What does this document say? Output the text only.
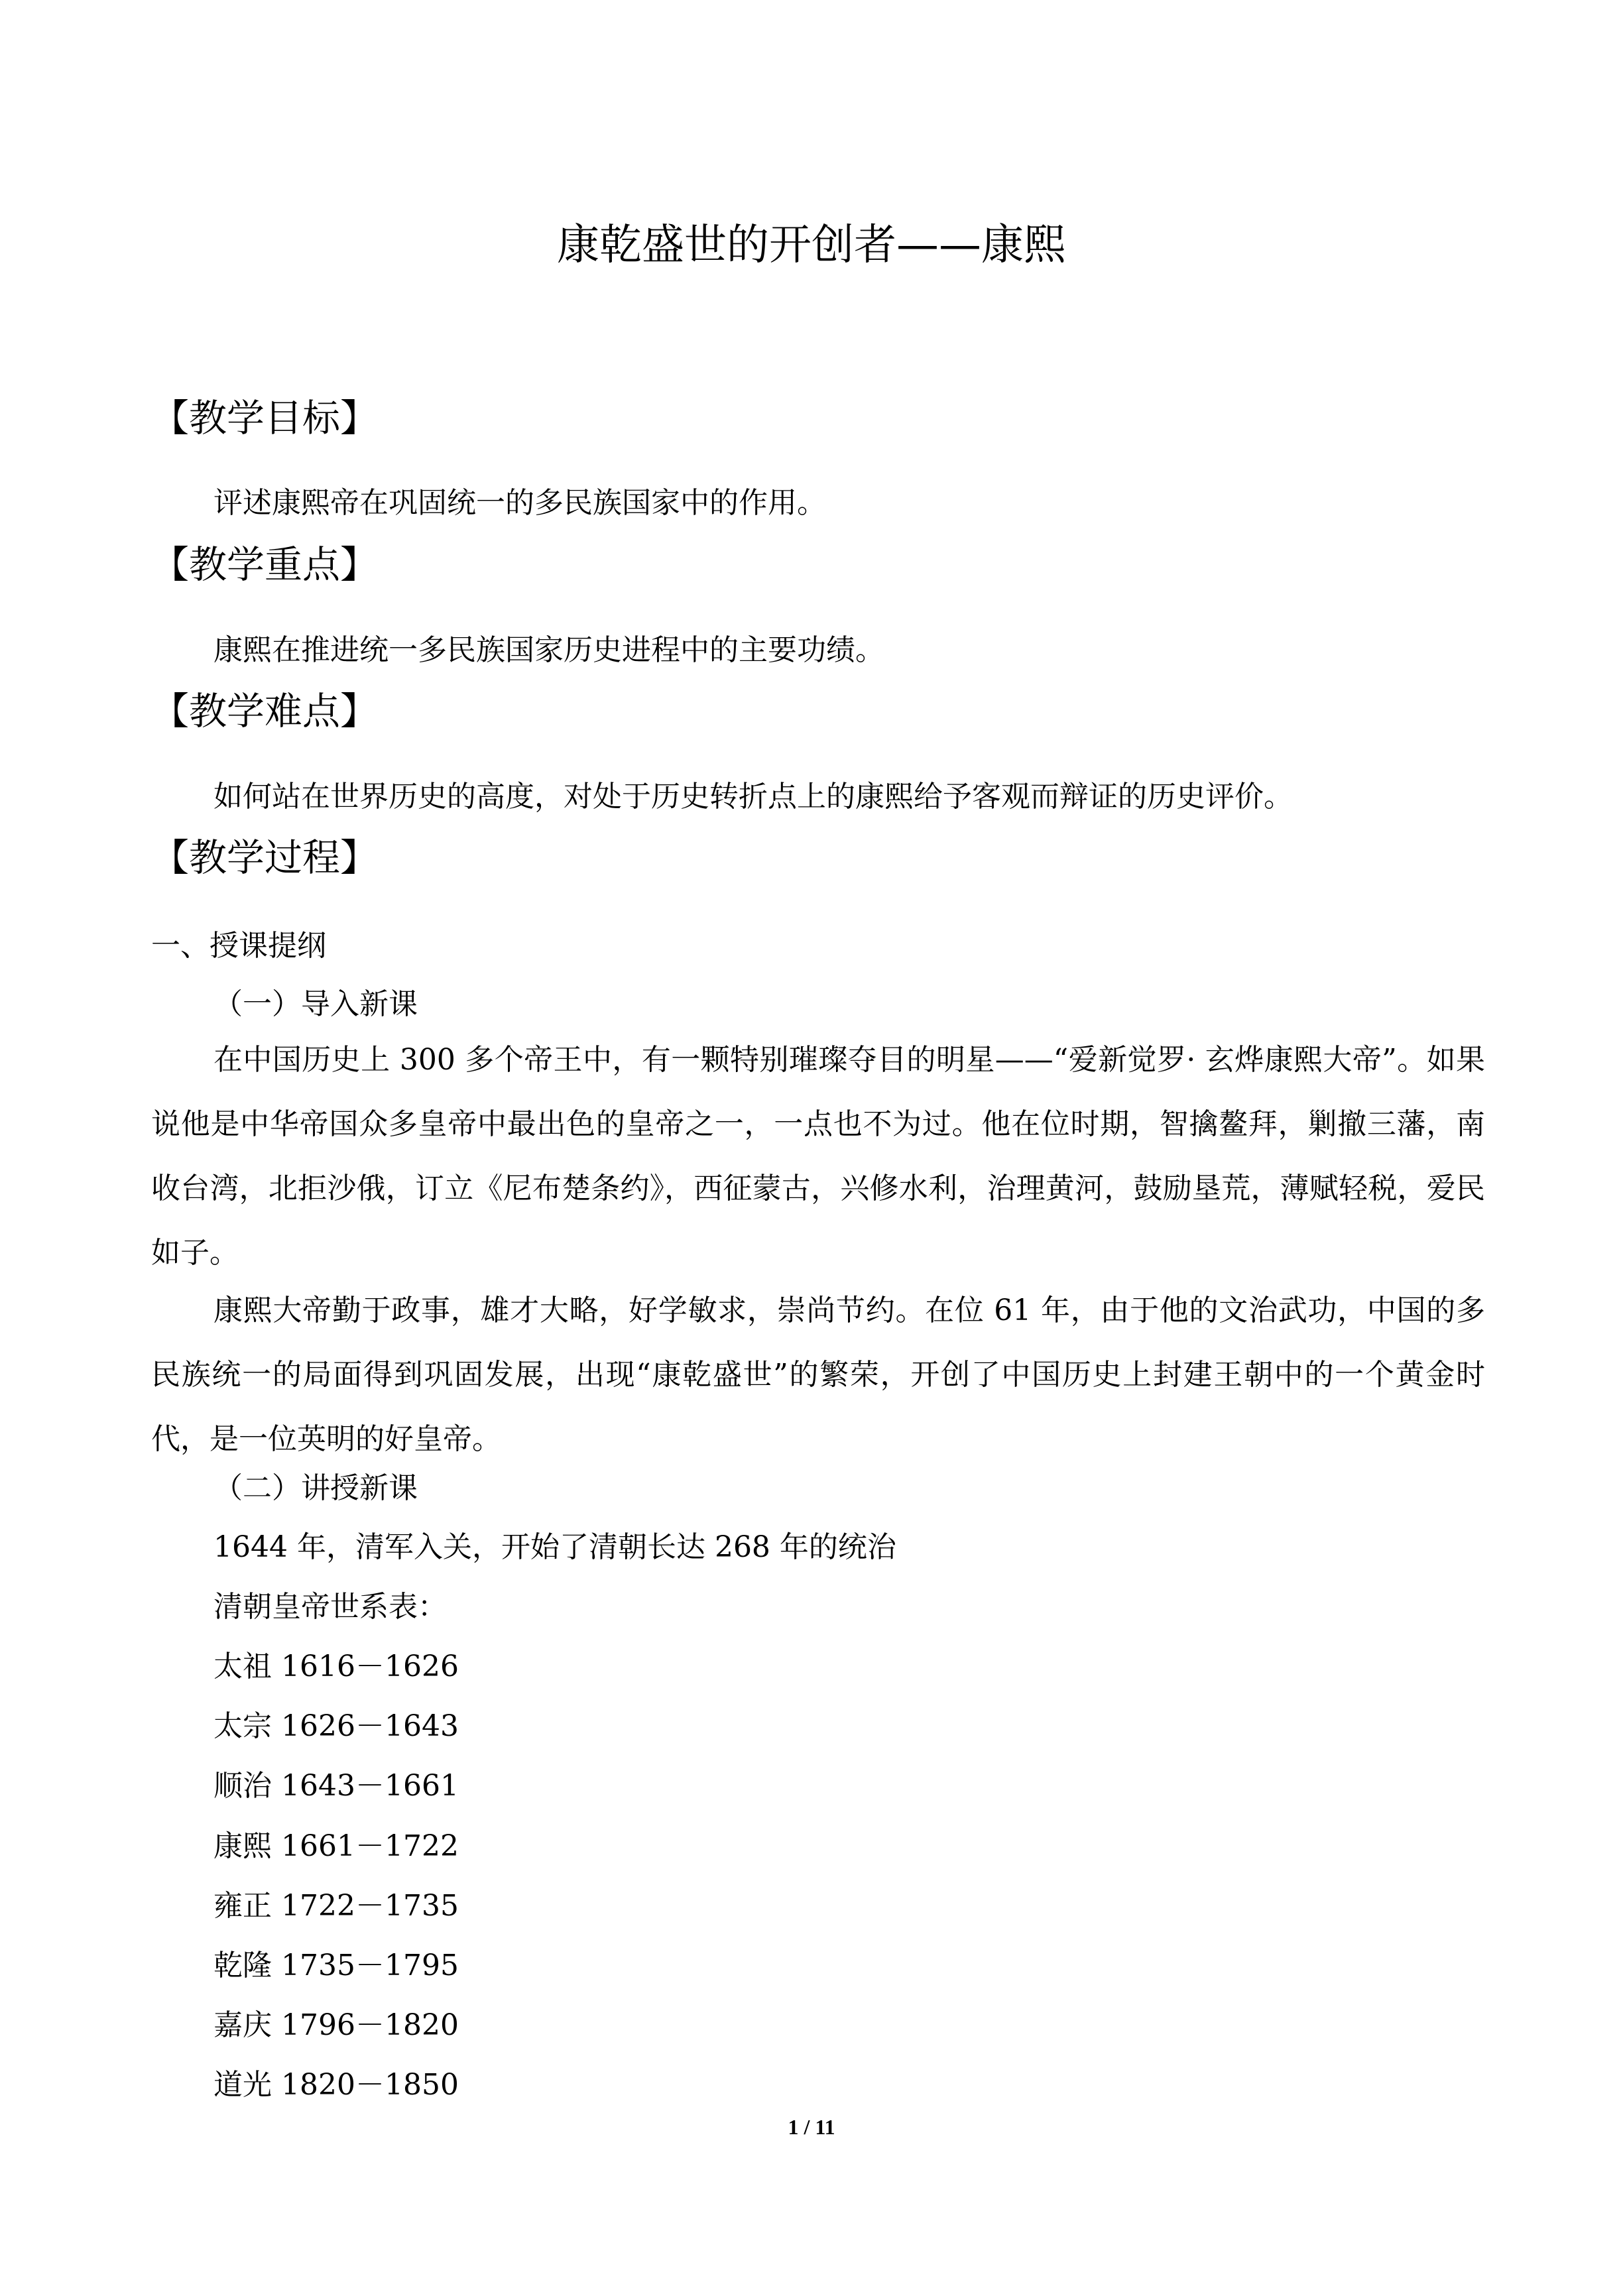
康乾盛世的开创者——康熙
【教学目标】
评述康熙帝在巩固统一的多民族国家中的作用。
【教学重点】
康熙在推进统一多民族国家历史进程中的主要功绩。
【教学难点】
如何站在世界历史的高度，对处于历史转折点上的康熙给予客观而辩证的历史评价。
【教学过程】
一、授课提纲
（一）导入新课

在中国历史上 300 多个帝王中，有一颗特别璀璨夺目的明星——“爱新觉罗· 玄烨康熙大帝”。如果说他是中华帝国众多皇帝中最出色的皇帝之一，一点也不为过。他在位时期，智擒鳌拜，剿撤三藩，南收台湾，北拒沙俄，订立《尼布楚条约》，西征蒙古，兴修水利，治理黄河，鼓励垦荒，薄赋轻税，爱民如子。

康熙大帝勤于政事，雄才大略，好学敏求，崇尚节约。在位 61 年，由于他的文治武功，中国的多民族统一的局面得到巩固发展，出现“康乾盛世”的繁荣，开创了中国历史上封建王朝中的一个黄金时代，是一位英明的好皇帝。

（二）讲授新课
1644 年，清军入关，开始了清朝长达 268 年的统治
清朝皇帝世系表：
太祖 1616－1626
太宗 1626－1643
顺治 1643－1661
康熙 1661－1722
雍正 1722－1735
乾隆 1735－1795
嘉庆 1796－1820
道光 1820－1850
1 / 11
